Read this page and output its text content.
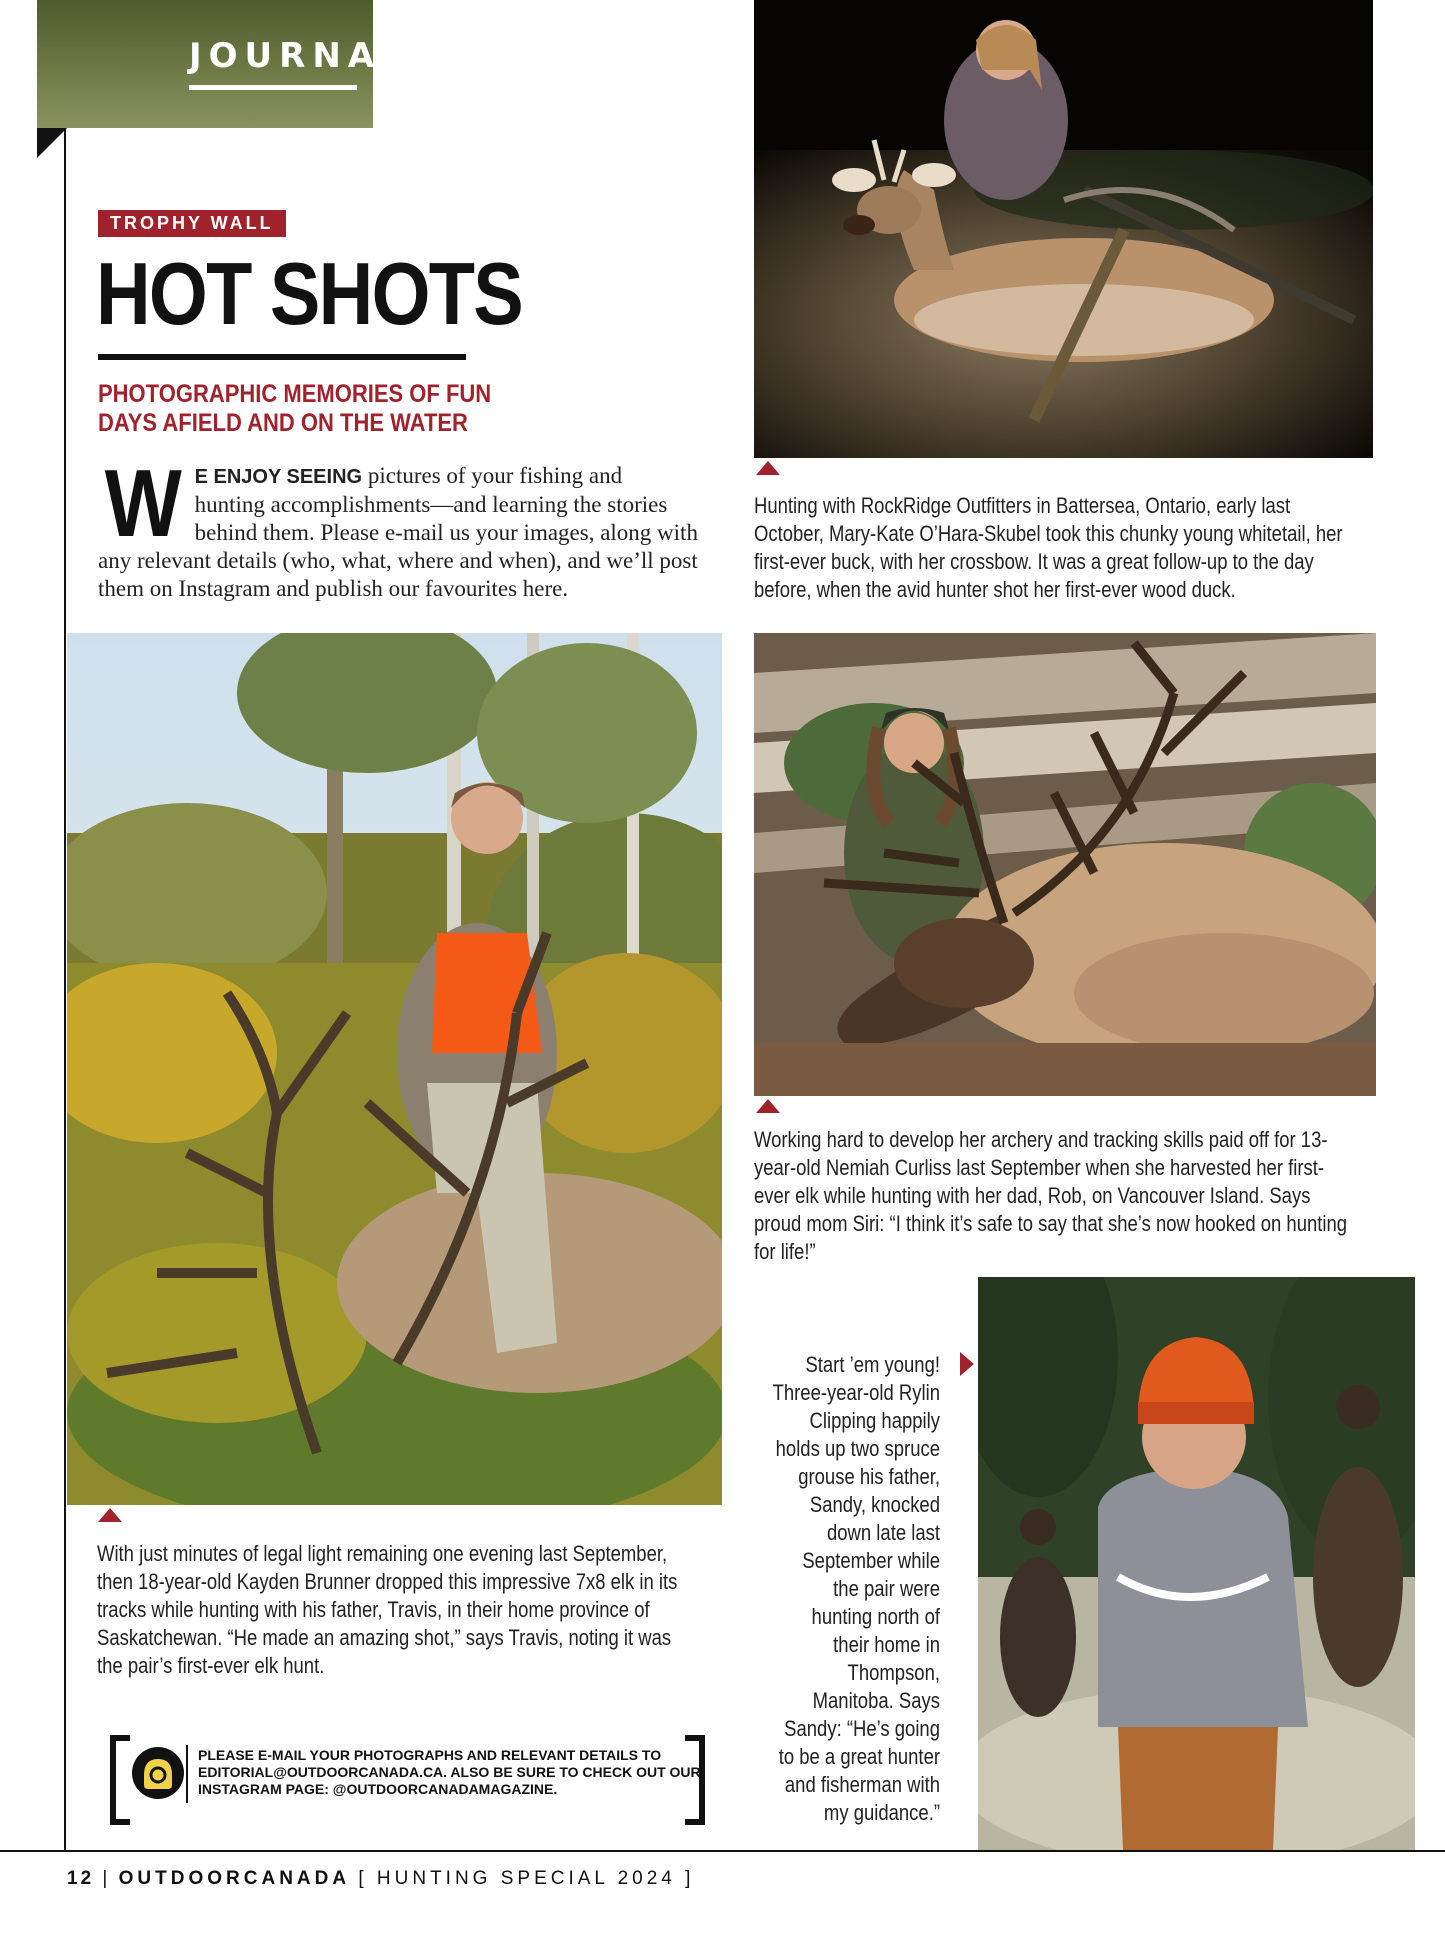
JOURNAL
TROPHY WALL
HOT SHOTS
PHOTOGRAPHIC MEMORIES OF FUN DAYS AFIELD AND ON THE WATER
W E ENJOY SEEING pictures of your fishing and hunting accomplishments—and learning the stories behind them. Please e-mail us your images, along with any relevant details (who, what, where and when), and we’ll post them on Instagram and publish our favourites here.
Hunting with RockRidge Outfitters in Battersea, Ontario, early last October, Mary-Kate O’Hara-Skubel took this chunky young whitetail, her first-ever buck, with her crossbow. It was a great follow-up to the day before, when the avid hunter shot her first-ever wood duck.
With just minutes of legal light remaining one evening last September, then 18-year-old Kayden Brunner dropped this impressive 7x8 elk in its tracks while hunting with his father, Travis, in their home province of Saskatchewan. “He made an amazing shot,” says Travis, noting it was the pair’s first-ever elk hunt.
Working hard to develop her archery and tracking skills paid off for 13-year-old Nemiah Curliss last September when she harvested her first-ever elk while hunting with her dad, Rob, on Vancouver Island. Says proud mom Siri: “I think it’s safe to say that she’s now hooked on hunting for life!”
Start ’em young! Three-year-old Rylin Clipping happily holds up two spruce grouse his father, Sandy, knocked down late last September while the pair were hunting north of their home in Thompson, Manitoba. Says Sandy: “He’s going to be a great hunter and fisherman with my guidance.”
PLEASE E-MAIL YOUR PHOTOGRAPHS AND RELEVANT DETAILS TO EDITORIAL@OUTDOORCANADA.CA. ALSO BE SURE TO CHECK OUT OUR INSTAGRAM PAGE: @OUTDOORCANADAMAGAZINE.
12 | OUTDOORCANADA [ HUNTING SPECIAL 2024 ]
